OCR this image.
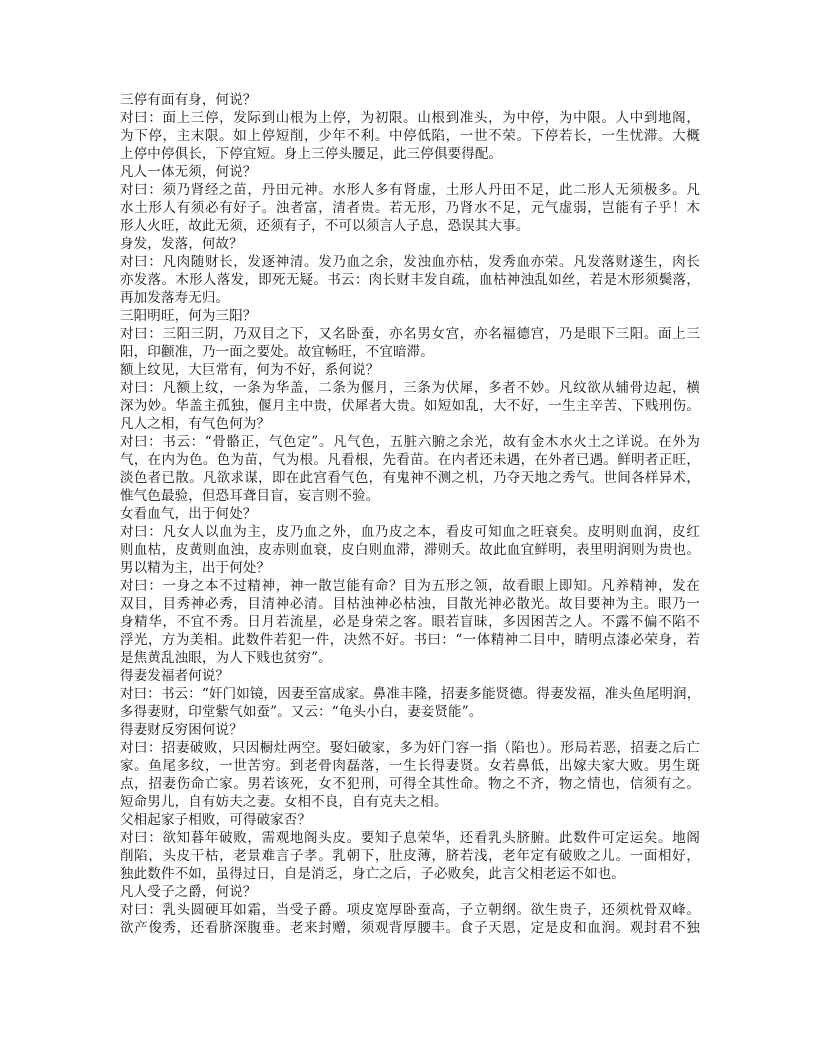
三停有面有身，何说？
对曰：面上三停，发际到山根为上停，为初限。山根到准头，为中停，为中限。人中到地阁，
为下停，主末限。如上停短削，少年不利。中停低陷，一世不荣。下停若长，一生忧滞。大概
上停中停俱长，下停宜短。身上三停头腰足，此三停俱要得配。
凡人一体无须，何说？
对曰：须乃肾经之苗，丹田元神。水形人多有肾虚，土形人丹田不足，此二形人无须极多。凡
水土形人有须必有好子。浊者富，清者贵。若无形，乃肾水不足，元气虚弱，岂能有子乎！木
形人火旺，故此无须，还须有子，不可以须言人子息，恐误其大事。
身发，发落，何故？
对曰：凡肉随财长，发逐神清。发乃血之余，发浊血亦枯，发秀血亦荣。凡发落财遂生，肉长
亦发落。木形人落发，即死无疑。书云：肉长财丰发自疏，血枯神浊乱如丝，若是木形须鬓落，
再加发落寿无归。
三阳明旺，何为三阳？
对曰：三阳三阴，乃双目之下，又名卧蚕，亦名男女宫，亦名福德宫，乃是眼下三阳。面上三
阳，印颧准，乃一面之要处。故宜畅旺，不宜暗滞。
额上纹见，大巨常有，何为不好，系何说？
对曰：凡额上纹，一条为华盖，二条为偃月，三条为伏犀，多者不妙。凡纹欲从辅骨边起，横
深为妙。华盖主孤独，偃月主中贵，伏犀者大贵。如短如乱，大不好，一生主辛苦、下贱刑伤。
凡人之相，有气色何为？
对曰：书云：“骨骼正，气色定”。凡气色，五脏六腑之余光，故有金木水火土之详说。在外为
气，在内为色。色为苗，气为根。凡看根，先看苗。在内者还未遇，在外者已遇。鲜明者正旺，
淡色者已散。凡欲求谋，即在此宫看气色，有鬼神不测之机，乃夺天地之秀气。世间各样异术，
惟气色最验，但恐耳聋目盲，妄言则不验。
女看血气，出于何处？
对曰：凡女人以血为主，皮乃血之外，血乃皮之本，看皮可知血之旺衰矣。皮明则血润，皮红
则血枯，皮黄则血浊，皮赤则血衰，皮白则血滞，滞则夭。故此血宜鲜明，表里明润则为贵也。
男以精为主，出于何处？
对曰：一身之本不过精神，神一散岂能有命？目为五形之领，故看眼上即知。凡养精神，发在
双目，目秀神必秀，目清神必清。目枯浊神必枯浊，目散光神必散光。故目要神为主。眼乃一
身精华，不宜不秀。日月若流星，必是身荣之客。眼若盲昧，多因困苦之人。不露不偏不陷不
浮光，方为美相。此数件若犯一件，决然不好。书曰：“一体精神二目中，睛明点漆必荣身，若
是焦黄乱浊眼，为人下贱也贫穷”。
得妻发福者何说？
对曰：书云：“奸门如镜，因妻至富成家。鼻准丰隆，招妻多能贤德。得妻发福，准头鱼尾明润，
多得妻财，印堂紫气如蚕”。又云：“龟头小白，妻妾贤能”。
得妻财反穷困何说？
对曰：招妻破败，只因橱灶两空。娶妇破家，多为奸门容一指（陷也）。形局若恶，招妻之后亡
家。鱼尾多纹，一世苦穷。到老骨肉磊落，一生长得妻贤。女若鼻低，出嫁夫家大败。男生斑
点，招妻伤命亡家。男若该死，女不犯刑，可得全其性命。物之不齐，物之情也，信须有之。
短命男儿，自有妨夫之妻。女相不良，自有克夫之相。
父相起家子相败，可得破家否？
对曰：欲知暮年破败，需观地阁头皮。要知子息荣华，还看乳头脐腑。此数件可定运矣。地阁
削陷，头皮干枯，老景难言子孝。乳朝下，肚皮薄，脐若浅，老年定有破败之儿。一面相好，
独此数件不如，虽得过日，自是消乏，身亡之后，子必败矣，此言父相老运不如也。
凡人受子之爵，何说？
对曰：乳头圆硬耳如霜，当受子爵。项皮宽厚卧蚕高，子立朝纲。欲生贵子，还须枕骨双峰。
欲产俊秀，还看脐深腹垂。老来封赠，须观背厚腰丰。食子天恩，定是皮和血润。观封君不独
